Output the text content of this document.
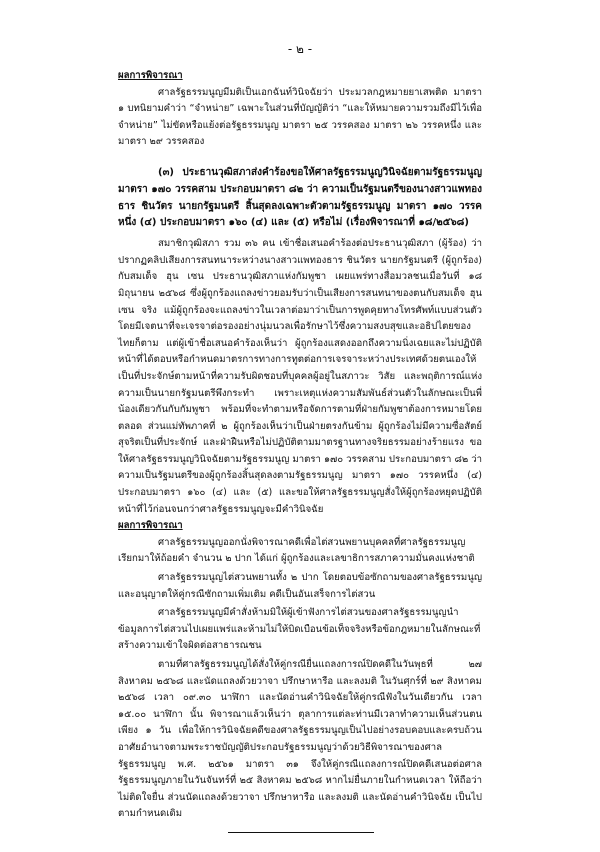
- ๒ -

ผลการพิจารณา

ศาลรัฐธรรมนูญมีมติเป็นเอกฉันท์วินิจฉัยว่า ประมวลกฎหมายยาเสพติด มาตรา ๑ บทนิยามคำว่า “จำหน่าย” เฉพาะในส่วนที่บัญญัติว่า “และให้หมายความรวมถึงมีไว้เพื่อจำหน่าย” ไม่ขัดหรือแย้งต่อรัฐธรรมนูญ มาตรา ๒๕ วรรคสอง มาตรา ๒๖ วรรคหนึ่ง และมาตรา ๒๙ วรรคสอง

(๓) ประธานวุฒิสภาส่งคำร้องขอให้ศาลรัฐธรรมนูญวินิจฉัยตามรัฐธรรมนูญ มาตรา ๑๗๐ วรรคสาม ประกอบมาตรา ๘๒ ว่า ความเป็นรัฐมนตรีของนางสาวแพทองธาร ชินวัตร นายกรัฐมนตรี สิ้นสุดลงเฉพาะตัวตามรัฐธรรมนูญ มาตรา ๑๗๐ วรรคหนึ่ง (๔) ประกอบมาตรา ๑๖๐ (๔) และ (๕) หรือไม่ (เรื่องพิจารณาที่ ๑๘/๒๕๖๘)

สมาชิกวุฒิสภา รวม ๓๖ คน เข้าชื่อเสนอคำร้องต่อประธานวุฒิสภา (ผู้ร้อง) ว่า ปรากฏคลิปเสียงการสนทนาระหว่างนางสาวแพทองธาร ชินวัตร นายกรัฐมนตรี (ผู้ถูกร้อง) กับสมเด็จ ฮุน เซน ประธานวุฒิสภาแห่งกัมพูชา เผยแพร่ทางสื่อมวลชนเมื่อวันที่ ๑๘ มิถุนายน ๒๕๖๘ ซึ่งผู้ถูกร้องแถลงข่าวยอมรับว่าเป็นเสียงการสนทนาของตนกับสมเด็จ ฮุน เซน จริง แม้ผู้ถูกร้องจะแถลงข่าวในเวลาต่อมาว่าเป็นการพูดคุยทางโทรศัพท์แบบส่วนตัวโดยมีเจตนาที่จะเจรจาต่อรองอย่างนุ่มนวลเพื่อรักษาไว้ซึ่งความสงบสุขและอธิปไตยของไทยก็ตาม แต่ผู้เข้าชื่อเสนอคำร้องเห็นว่า ผู้ถูกร้องแสดงออกถึงความนิ่งเฉยและไม่ปฏิบัติหน้าที่ได้ตอบหรือกำหนดมาตรการทางการทูตต่อการเจรจาระหว่างประเทศด้วยตนเองให้เป็นที่ประจักษ์ตามหน้าที่ความรับผิดชอบที่บุคคลผู้อยู่ในสภาวะ วิสัย และพฤติการณ์แห่งความเป็นนายกรัฐมนตรีพึงกระทำ เพราะเหตุแห่งความสัมพันธ์ส่วนตัวในลักษณะเป็นพี่น้องเดียวกันกับกัมพูชา พร้อมที่จะทำตามหรือจัดการตามที่ฝ่ายกัมพูชาต้องการหมายโดยตลอด ส่วนแม่ทัพภาคที่ ๒ ผู้ถูกร้องเห็นว่าเป็นฝ่ายตรงกันข้าม ผู้ถูกร้องไม่มีความซื่อสัตย์สุจริตเป็นที่ประจักษ์ และฝ่าฝืนหรือไม่ปฏิบัติตามมาตรฐานทางจริยธรรมอย่างร้ายแรง ขอให้ศาลรัฐธรรมนูญวินิจฉัยตามรัฐธรรมนูญ มาตรา ๑๗๐ วรรคสาม ประกอบมาตรา ๘๒ ว่า ความเป็นรัฐมนตรีของผู้ถูกร้องสิ้นสุดลงตามรัฐธรรมนูญ มาตรา ๑๗๐ วรรคหนึ่ง (๔) ประกอบมาตรา ๑๖๐ (๔) และ (๕) และขอให้ศาลรัฐธรรมนูญสั่งให้ผู้ถูกร้องหยุดปฏิบัติหน้าที่ไว้ก่อนจนกว่าศาลรัฐธรรมนูญจะมีคำวินิจฉัย

ผลการพิจารณา

ศาลรัฐธรรมนูญออกนั่งพิจารณาคดีเพื่อไต่สวนพยานบุคคลที่ศาลรัฐธรรมนูญเรียกมาให้ถ้อยคำ จำนวน ๒ ปาก ได้แก่ ผู้ถูกร้องและเลขาธิการสภาความมั่นคงแห่งชาติ

ศาลรัฐธรรมนูญไต่สวนพยานทั้ง ๒ ปาก โดยตอบข้อซักถามของศาลรัฐธรรมนูญ และอนุญาตให้คู่กรณีซักถามเพิ่มเติม คดีเป็นอันเสร็จการไต่สวน

ศาลรัฐธรรมนูญมีคำสั่งห้ามมิให้ผู้เข้าฟังการไต่สวนของศาลรัฐธรรมนูญนำข้อมูลการไต่สวนไปเผยแพร่และห้ามไม่ให้บิดเบือนข้อเท็จจริงหรือข้อกฎหมายในลักษณะที่สร้างความเข้าใจผิดต่อสาธารณชน

ตามที่ศาลรัฐธรรมนูญได้สั่งให้คู่กรณียื่นแถลงการณ์ปิดคดีในวันพุธที่ ๒๗ สิงหาคม ๒๕๖๘ และนัดแถลงด้วยวาจา ปรึกษาหารือ และลงมติ ในวันศุกร์ที่ ๒๙ สิงหาคม ๒๕๖๘ เวลา ๐๙.๓๐ นาฬิกา และนัดอ่านคำวินิจฉัยให้คู่กรณีฟังในวันเดียวกัน เวลา ๑๕.๐๐ นาฬิกา นั้น พิจารณาแล้วเห็นว่า ตุลาการแต่ละท่านมีเวลาทำความเห็นส่วนตนเพียง ๑ วัน เพื่อให้การวินิจฉัยคดีของศาลรัฐธรรมนูญเป็นไปอย่างรอบคอบและครบถ้วน อาศัยอำนาจตามพระราชบัญญัติประกอบรัฐธรรมนูญว่าด้วยวิธีพิจารณาของศาลรัฐธรรมนูญ พ.ศ. ๒๕๖๑ มาตรา ๓๑ จึงให้คู่กรณีแถลงการณ์ปิดคดีเสนอต่อศาลรัฐธรรมนูญภายในวันจันทร์ที่ ๒๕ สิงหาคม ๒๕๖๘ หากไม่ยื่นภายในกำหนดเวลา ให้ถือว่าไม่ติดใจยื่น ส่วนนัดแถลงด้วยวาจา ปรึกษาหารือ และลงมติ และนัดอ่านคำวินิจฉัย เป็นไปตามกำหนดเดิม
